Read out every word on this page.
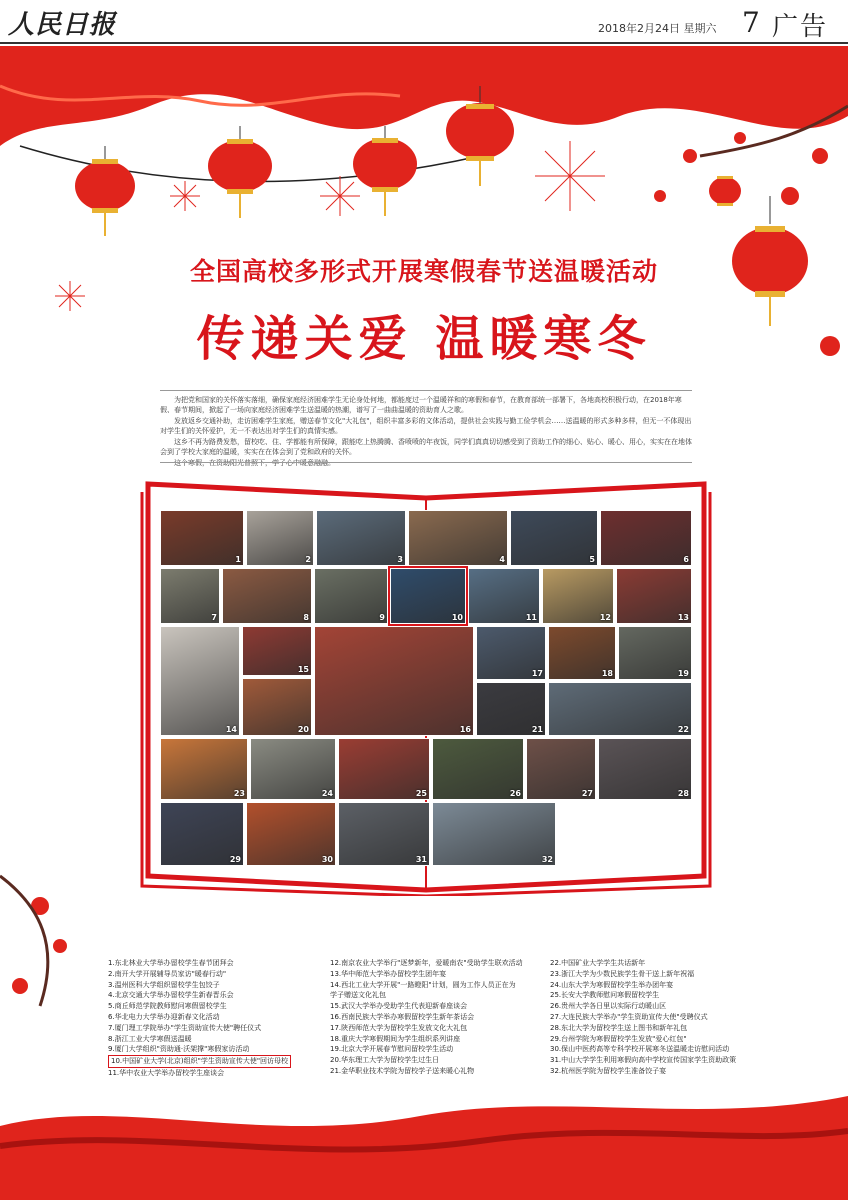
人民日报	2018年2月24日 星期六 7 广告
全国高校多形式开展寒假春节送温暖活动
传递关爱 温暖寒冬

为把党和国家的关怀落实落细，确保家庭经济困难学生无论身处何地，都能度过一个温暖祥和的寒假和春节，在教育部统一部署下，各地高校积极行动，在2018年寒假、春节期间，掀起了一场向家庭经济困难学生送温暖的热潮，谱写了一曲曲温暖的资助育人之歌。

发放返乡交通补助，走访困难学生家庭，赠送春节文化"大礼包"，组织丰富多彩的文体活动，提供社会实践与勤工俭学机会……送温暖的形式多种多样，但无一不体现出对学生们的关怀爱护，无一不表达出对学生们的真情实感。

这乡不再为路费发愁，留校吃、住、学都能有所保障，跟能吃上热腾腾、香喷喷的年夜饭，同学们真真切切感受到了资助工作的细心、贴心、暖心、用心，实实在在地体会到了学校大家庭的温暖，实实在在体会到了党和政府的关怀。

这个寒假，在资助阳光普照下，学子心中暖意融融。

1	2	3	4	5	6
7	8	9	10	11	12	13
14
15
16
17	18	19
20	21	22
23	24	25	26	27	28
29	30	31	32
1.东北林业大学举办留校学生春节团拜会
2.南开大学开展辅导员家访"暖春行动"
3.温州医科大学组织留校学生包饺子
4.北京交通大学举办留校学生新春晋乐会
5.商丘师范学院教师慰问寒假留校学生
6.华北电力大学举办迎新春文化活动
7.厦门理工学院举办"学生资助宣传大使"聘任仪式
8.浙江工业大学寒假送温暖
9.厦门大学组织"资助通·沃架撑"寒假家访活动
10.中国矿业大学(北京)组织"学生资助宣传大使"回访母校
11.华中农业大学举办留校学生座谈会
12.南京农业大学举行"逐梦新年，爱暖南农"受助学生联欢活动
13.华中师范大学举办留校学生团年宴
14.西北工业大学开展"一路瞪阳"计划，圆为工作人员正在为
学子赠送文化礼包
15.武汉大学举办受助学生代表迎新春座谈会
16.西南民族大学举办寒假留校学生新年茶话会
17.陕西师范大学为留校学生发放文化大礼包
18.重庆大学寒假期间为学生组织系列讲座
19.北京大学开展春节慰问留校学生活动
20.华东理工大学为留校学生过生日
21.金华职业技术学院为留校学子送来暖心礼物
22.中国矿业大学学生共话新年
23.浙江大学为少数民族学生骨干送上新年祝福
24.山东大学为寒假留校学生举办团年宴
25.长安大学教师慰问寒假留校学生
26.贵州大学各日里以实际行动暖山区
27.大连民族大学举办"学生资助宣传大使"受聘仪式
28.东北大学为留校学生送上图书和新年礼包
29.台州学院为寒假留校学生发放"爱心红包"
30.保山中医药高等专科学校开展寒冬送温暖走访慰问活动
31.中山大学学生利用寒假向高中学校宣传国家学生资助政策
32.杭州医学院为留校学生准备饺子宴
